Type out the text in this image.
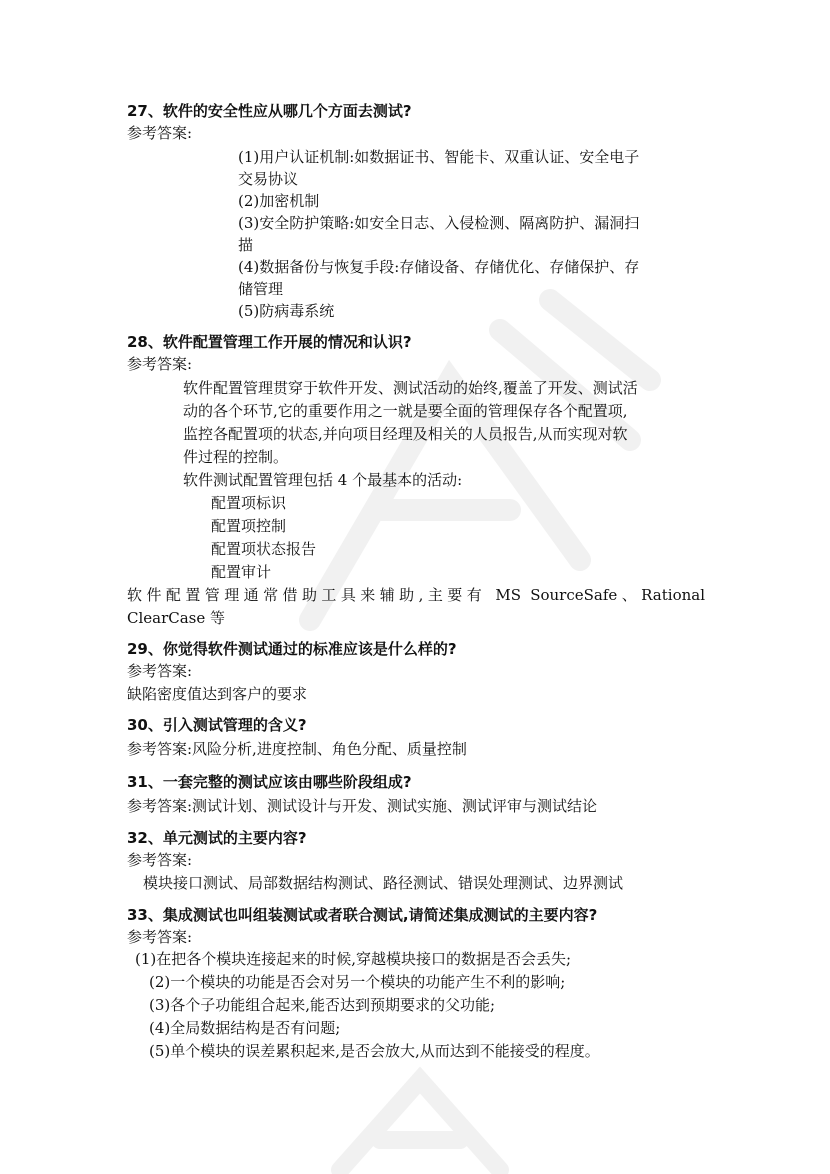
27、软件的安全性应从哪几个方面去测试?
参考答案:
(1)用户认证机制:如数据证书、智能卡、双重认证、安全电子
交易协议
(2)加密机制
(3)安全防护策略:如安全日志、入侵检测、隔离防护、漏洞扫
描
(4)数据备份与恢复手段:存储设备、存储优化、存储保护、存
储管理
(5)防病毒系统
28、软件配置管理工作开展的情况和认识?
参考答案:
软件配置管理贯穿于软件开发、测试活动的始终,覆盖了开发、测试活
动的各个环节,它的重要作用之一就是要全面的管理保存各个配置项,
监控各配置项的状态,并向项目经理及相关的人员报告,从而实现对软
件过程的控制。
软件测试配置管理包括 4 个最基本的活动:
配置项标识
配置项控制
配置项状态报告
配置审计
软件配置管理通常借助工具来辅助,主要有 MS SourceSafe、Rational
ClearCase 等
29、你觉得软件测试通过的标准应该是什么样的?
参考答案:
缺陷密度值达到客户的要求
30、引入测试管理的含义?
参考答案:风险分析,进度控制、角色分配、质量控制
31、一套完整的测试应该由哪些阶段组成?
参考答案:测试计划、测试设计与开发、测试实施、测试评审与测试结论
32、单元测试的主要内容?
参考答案:
模块接口测试、局部数据结构测试、路径测试、错误处理测试、边界测试
33、集成测试也叫组装测试或者联合测试,请简述集成测试的主要内容?
参考答案:
(1)在把各个模块连接起来的时候,穿越模块接口的数据是否会丢失;
(2)一个模块的功能是否会对另一个模块的功能产生不利的影响;
(3)各个子功能组合起来,能否达到预期要求的父功能;
(4)全局数据结构是否有问题;
(5)单个模块的误差累积起来,是否会放大,从而达到不能接受的程度。
